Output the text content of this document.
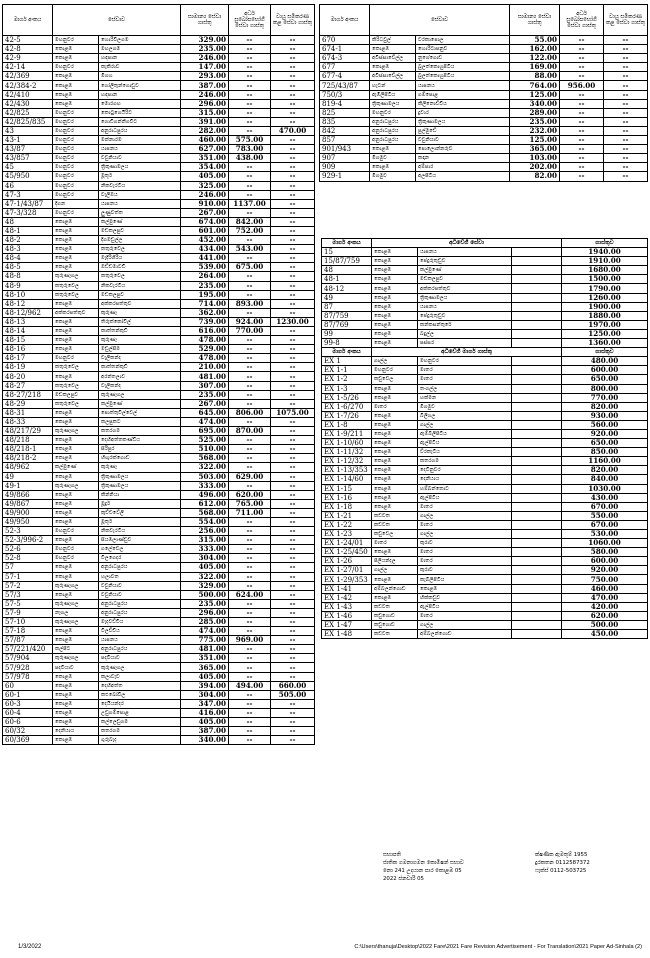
මාර්ග අංකය	සේවාව		සාමාන්‍ය සේවා ගාස්තු	අර්ධ සුඛෝපභෝගී සේවා ගාස්තු	වායු සමීකරණ කළ සේවා ගාස්තු
42-5	මහනුවර	හොරිවිලගම	329.00	--	--
42-8	කොළඹ	මහලගම	235.00	--	--
42-9	කොළඹ	හඳපාන	246.00	--	--
42-14	මහනුවර	කැකිරාව	147.00	--	--
42/369	කොළඹ	මීගහ	293.00	--	--
42/384-2	කොළඹ	ගෝලිතුන්ගොඩුව	387.00	--	--
42/410	කොළඹ	හඳපාන	246.00	--	--
42/430	කොළඹ	මොරගහ	296.00	--	--
42/825	මහනුවර	කොටුගෙයිරිට	315.00	--	--
42/825/835	මහනුවර	ගොඩිගන්නිගවිට	391.00	--	--
43	මහනුවර	අනුරාධපුරය	282.00	--	470.00
43-1	මහනුවර	මන්නාරම	460.00	575.00	--
43/87	මහනුවර	යාපනය	627.00	783.00	--
43/857	මහනුවර	වවුනියාව	351.00	438.00	--
45	මහනුවර	ත්‍රිකුණාමලය	354.00	--	--
45/950	මහනුවර	මූතූර්	405.00	--	--
46	මහනුවර	නිකවැරටිය	325.00	--	--
47-3	මහනුවර	වැලිඔය	246.00	--	--
47-1/43/87	දිගන	යාපනය	910.00	1137.00	--
47-3/328	මහනුවර	ලුණුවත්ත	267.00	--	--
48	කොළඹ	කල්මුණේ	674.00	842.00	--
48-1	කොළඹ	මඩකලපුව	601.00	752.00	--
48-2	කොළඹ	දිගමඩුල්ල	452.00	--	--
48-3	කොළඹ	කතුරුවෙල	434.00	543.00	--
48-4	කොළඹ	මැදිරිගිරිය	441.00	--	--
48-5	කොළඹ	ඔඩ්ඩමාවඩි	539.00	675.00	--
48-8	කුරුණෑගල	කතුරුවෙල	264.00	--	--
48-9	කතුරුවෙල	නිකවැරටිය	235.00	--	--
48-10	කතුරුවෙල	මඩකලපුව	195.00	--	--
48-12	කොළඹ	අක්කරපත්තුව	714.00	893.00	--
48-12/962	අක්කරපත්තුව	කුරුණෑ	362.00	--	--
48-13	කොළඹ	තිරුක්කෝවිල්	739.00	924.00	1230.00
48-14	කොළඹ	කාත්තන්කුඩි	616.00	770.00	--
48-15	කොළඹ	කුරුණෑ	478.00	--	--
48-16	කොළඹ	මඩුල්සීම	529.00	--	--
48-17	මහනුවර	වැලිකන්ද	478.00	--	--
48-19	කතුරුවෙල	කාත්තන්කුඩි	210.00	--	--
48-20	කොළඹ	අරන්තලාව	481.00	--	--
48-27	කතුරුවෙල	වැලිකන්ද	307.00	--	--
48-27/218	මඩකලපුව	කුරුණෑගල	235.00	--	--
48-29	කතුරුවෙල	කල්මුණේ	267.00	--	--
48-31	කොළඹ	පොත්තුවිල්වෙල්	645.00	806.00	1075.00
48-33	කොළඹ	කලපුකට	474.00	--	--
48/217/29	කුරුණෑගල	කතරගම	695.00	870.00	--
48/218	කොළඹ	දෙහිඅත්තකණ්ඩිය	525.00	--	--
48/218-1	කොළඹ	සිරිපුර	510.00	--	--
48/218-2	කොළඹ	හිඟුරක්ගොඩ	568.00	--	--
48/962	කල්මුණේ	කුරුණෑ	322.00	--	--
49	කොළඹ	ත්‍රිකුණාමලය	503.00	629.00	--
49-1	කුරුණෑගල	ත්‍රිකුණාමලය	333.00	--	--
49/866	කොළඹ	කින්නියා	496.00	620.00	--
49/867	කොළඹ	මූදූර්	612.00	765.00	--
49/900	කොළඹ	කුච්චවේලි	568.00	711.00	--
49/950	කොළඹ	මූතූර්	554.00	--	--
52-3	මහනුවර	නිකවැරටිය	256.00	--	--
52-3/996-2	කොළඹ	සියඹලාණ්ඩුව	315.00	--	--
52-6	මහනුවර	ගලේවෙල	333.00	--	--
52-8	මහනුවර	විලගෙදර	304.00	--	--
57	කොළඹ	අනුරාධපුරය	405.00	--	--
57-1	කොළඹ	හලාවත	322.00	--	--
57-2	කුරුණෑගල	වවුනියාව	329.00	--	--
57/3	කොළඹ	වවුනියාව	500.00	624.00	--
57-5	කුරුණෑගල	අනුරාධපුරය	235.00	--	--
57-9	නෑගල	අනුරාධපුරය	296.00	--	--
57-10	කුරුණෑගල	මැදවච්චිය	285.00	--	--
57-18	කොළඹ	විලච්චිය	474.00	--	--
57/87	කොළඹ	යාපනය	775.00	969.00	--
57/221/420	කල්පිට	අනුරාධපුරය	481.00	--	--
57/904	කුරුණෑගල	පදවියාව	351.00	--	--
57/928	පදවියාව	කුරුණෑගල	365.00	--	--
57/978	කොළඹ	කලාවැව	405.00	--	--
60	කොළඹ	දෙහිඅත්ත	394.00	494.00	660.00
60-1	කොළඹ	කළුබෝවිල	304.00	--	505.00
60-3	කොළඹ	දෙයියන්දර	347.00	--	--
60-4	කොළඹ	උඩුගම්පොළ	416.00	--	--
60-6	කොළඹ	කල්ලෙඩුගම	405.00	--	--
60/32	දෙනියාය	කතරගම	387.00	--	--
60/369	කොළඹ	ගුරුබැද	340.00	--	--
මාර්ග අංකය	සේවාව		සාමාන්‍ය සේවා ගාස්තු	අර්ධ සුඛෝපභෝගී සේවා ගාස්තු	වායු සමීකරණ කළ සේවා ගාස්තු
670	කිරිධවුල්	වරකාපොල	55.00	--	--
674-1	කොළඹ	හොරිටාපනුව	162.00	--	--
674-3	අවිස්සාවේල්ල	නුගේගොඩ	122.00	--	--
677	කොළඹ	බුලත්කොහුපිටිය	169.00	--	--
677-4	අවිස්සාවේල්ල	බුලත්කොහුපිටිය	88.00	--	--
725/43/87	හැටන්	යාපනය	764.00	956.00	--
750/3	ඇඹිලිපිටිය	ගම්පොළ	125.00	--	--
819-4	ත්‍රිකුණාමලය	කිලිනොච්චිය	340.00	--	--
825	මහනුවර	දුවාර	289.00	--	--
835	අනුරාධපුරය	ත්‍රිකුණාමලය	235.00	--	--
842	අනුරාධපුරය	පුල්මුඩේ	232.00	--	--
857	අනුරාධපුරය	වවුනියාව	125.00	--	--
901/943	කොළඹ	පොලොන්නරුව	365.00	--	--
907	මීගමුව	කඳාන	103.00	--	--
909	කොළඹ	අම්පාර	202.00	--	--
929-1	මීගමුව	අලපිටිය	82.00	--	--
මාර්ග අංකය	අධිවේගී සේවා			ගාස්තුව
15	කොළඹ	යාපනය		1940.00
15/87/759	කොළඹ	පේදුරුතුඩුව		1910.00
48	කොළඹ	කල්මුණේ		1680.00
48-1	කොළඹ	මඩකලපුව		1500.00
48-12	කොළඹ	අක්කරපත්තුව		1790.00
49	කොළඹ	ත්‍රිකුණාමලය		1260.00
87	කොළඹ	යාපනය		1900.00
87/759	කොළඹ	පේදුරුතුඩුව		1880.00
87/769	කොළඹ	කන්කසන්තුරේ		1970.00
99	කොළඹ	බදුල්ල		1250.00
99-8	කොළඹ	පස්සර		1360.00
මාර්ග අංකය	අධිවේගී මාර්ග ගාස්තු			ගාස්තුව
EX 1	ගාල්ල	මහනුවර		480.00
EX 1-1	මහනුවර	මාතර		600.00
EX 1-2	කඩුවෙල	මාතර		650.00
EX 1-3	කොළඹ	තංගල්ල		800.00
EX 1-5/26	කොළඹ	හක්මන		770.00
EX 1-6/270	මාතර	මීගමුව		820.00
EX 1-7/26	කොළඹ	බිලිගල		930.00
EX 1-8	කොළඹ	ගාල්ල		560.00
EX 1-9/211	කොළඹ	ඇම්බිලිපිටිය		920.00
EX 1-10/60	කොළඹ	ඇල්පිටිය		650.00
EX 1-11/32	කොළඹ	ව්රකැටිය		850.00
EX 1-12/32	කොළඹ	කතරගම		1160.00
EX 1-13/353	කොළඹ	දෙවිනුවර		820.00
EX 1-14/60	කොළඹ	දෙනියාය		840.00
EX 1-15	කොළඹ	හම්බන්තොට		1030.00
EX 1-16	කොළඹ	ඇල්පිටිය		430.00
EX 1-18	කොළඹ	මාතර		670.00
EX 1-21	කඩවත	ගාල්ල		550.00
EX 1-22	කඩවත	මාතර		670.00
EX 1-23	කඩුවෙල	ගාල්ල		530.00
EX 1-24/01	මාතර	කුරාව		1060.00
EX 1-25/450	කොළඹ	මාතර		580.00
EX 1-26	පිලියන්දල	මාතර		600.00
EX 1-27/01	ගාල්ල	කුරාව		920.00
EX 1-29/353	කොළඹ	කැබිලිපිටිය		750.00
EX 1-41	අම්බලන්ගොඩ	කොළඹ		460.00
EX 1-42	කොළඹ	හික්කඩුව		470.00
EX 1-43	කඩවත	ඇල්පිටිය		420.00
EX 1-46	කඩුගොඩ	මාතර		620.00
EX 1-47	කඩුගොඩ	ගාල්ල		500.00
EX 1-48	කඩවත	අම්බලන්ගොඩ		450.00
සභාපති
ජාතික ගමනාගමන කොමිෂන් සභාව
නො 241 උදයාන පාර කොළඹ 05
2022 ජනවාරි 05
ක්ෂණික ඇමතුම් 1955
දුරකතන 0112587372
ෆැක්ස් 0112-503725
1/3/2022	C:\Users\thanuja\Desktop\2022 Fare\2021 Fare Revision Advertisement - For Translation\2021 Paper Ad-Sinhala (2)
